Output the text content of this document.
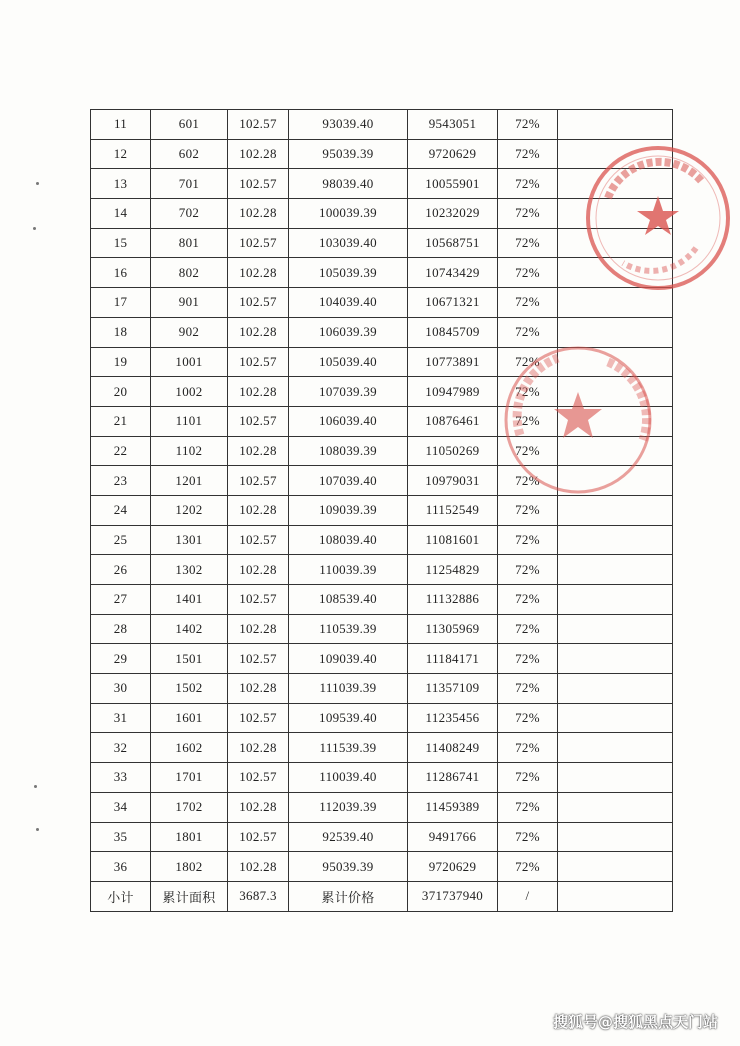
11	601	102.57	93039.40	9543051	72%	
12	602	102.28	95039.39	9720629	72%	
13	701	102.57	98039.40	10055901	72%	
14	702	102.28	100039.39	10232029	72%	
15	801	102.57	103039.40	10568751	72%	
16	802	102.28	105039.39	10743429	72%	
17	901	102.57	104039.40	10671321	72%	
18	902	102.28	106039.39	10845709	72%	
19	1001	102.57	105039.40	10773891	72%	
20	1002	102.28	107039.39	10947989	72%	
21	1101	102.57	106039.40	10876461	72%	
22	1102	102.28	108039.39	11050269	72%	
23	1201	102.57	107039.40	10979031	72%	
24	1202	102.28	109039.39	11152549	72%	
25	1301	102.57	108039.40	11081601	72%	
26	1302	102.28	110039.39	11254829	72%	
27	1401	102.57	108539.40	11132886	72%	
28	1402	102.28	110539.39	11305969	72%	
29	1501	102.57	109039.40	11184171	72%	
30	1502	102.28	111039.39	11357109	72%	
31	1601	102.57	109539.40	11235456	72%	
32	1602	102.28	111539.39	11408249	72%	
33	1701	102.57	110039.40	11286741	72%	
34	1702	102.28	112039.39	11459389	72%	
35	1801	102.57	92539.40	9491766	72%	
36	1802	102.28	95039.39	9720629	72%	
小计	累计面积	3687.3	累计价格	371737940	/	
搜狐号@搜狐黑点天门站
